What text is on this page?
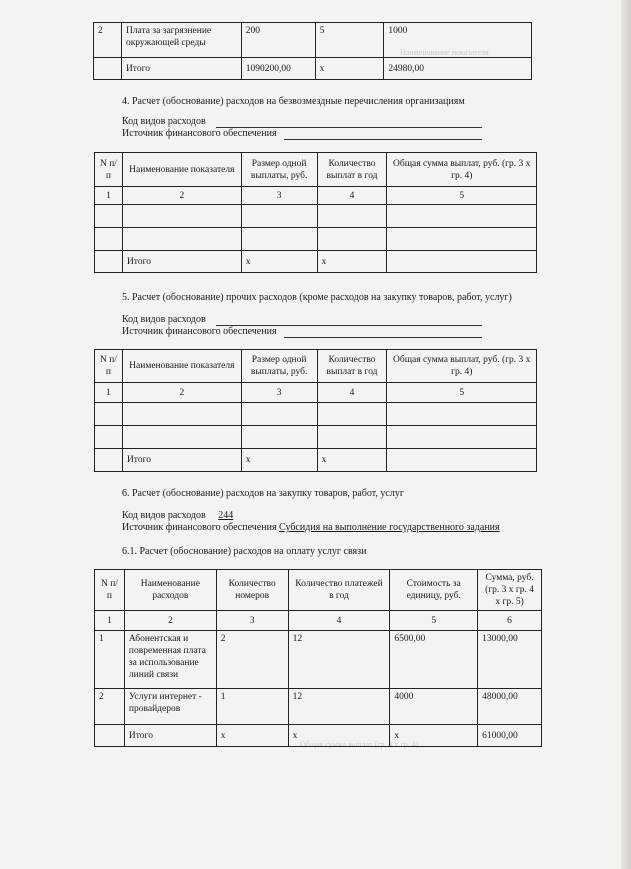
Нанменование показателя
Общая сумма выплат (гр. 3 х гр. 4)
2	Плата за загрязнение окружающей среды	200	5	1000
	Итого	1090200,00	х	24980,00
4. Расчет (обоснование) расходов на безвозмездные перечисления организациям
Код видов расходов
Источник финансового обеспечения
N п/п	Наименование показателя	Размер одной выплаты, руб.	Количество выплат в год	Общая сумма выплат, руб. (гр. 3 х гр. 4)
1	2	3	4	5

	Итого	х	х	
5. Расчет (обоснование) прочих расходов (кроме расходов на закупку товаров, работ, услуг)
Код видов расходов
Источник финансового обеспечения
N п/п	Наименование показателя	Размер одной выплаты, руб.	Количество выплат в год	Общая сумма выплат, руб. (гр. 3 х гр. 4)
1	2	3	4	5

	Итого	х	х	
6. Расчет (обоснование) расходов на закупку товаров, работ, услуг
Код видов расходов 244
Источник финансового обеспечения Субсидия на выполнение государственного задания
6.1. Расчет (обоснование) расходов на оплату услуг связи
N п/п	Наименование расходов	Количество номеров	Количество платежей в год	Стоимость за единицу, руб.	Сумма, руб. (гр. 3 х гр. 4 х гр. 5)
1	2	3	4	5	6
1	Абонентская и повременная плата за использование линий связи	2	12	6500,00	13000,00
2	Услуги интернет - провайдеров	1	12	4000	48000,00
	Итого	х	х	х	61000,00
